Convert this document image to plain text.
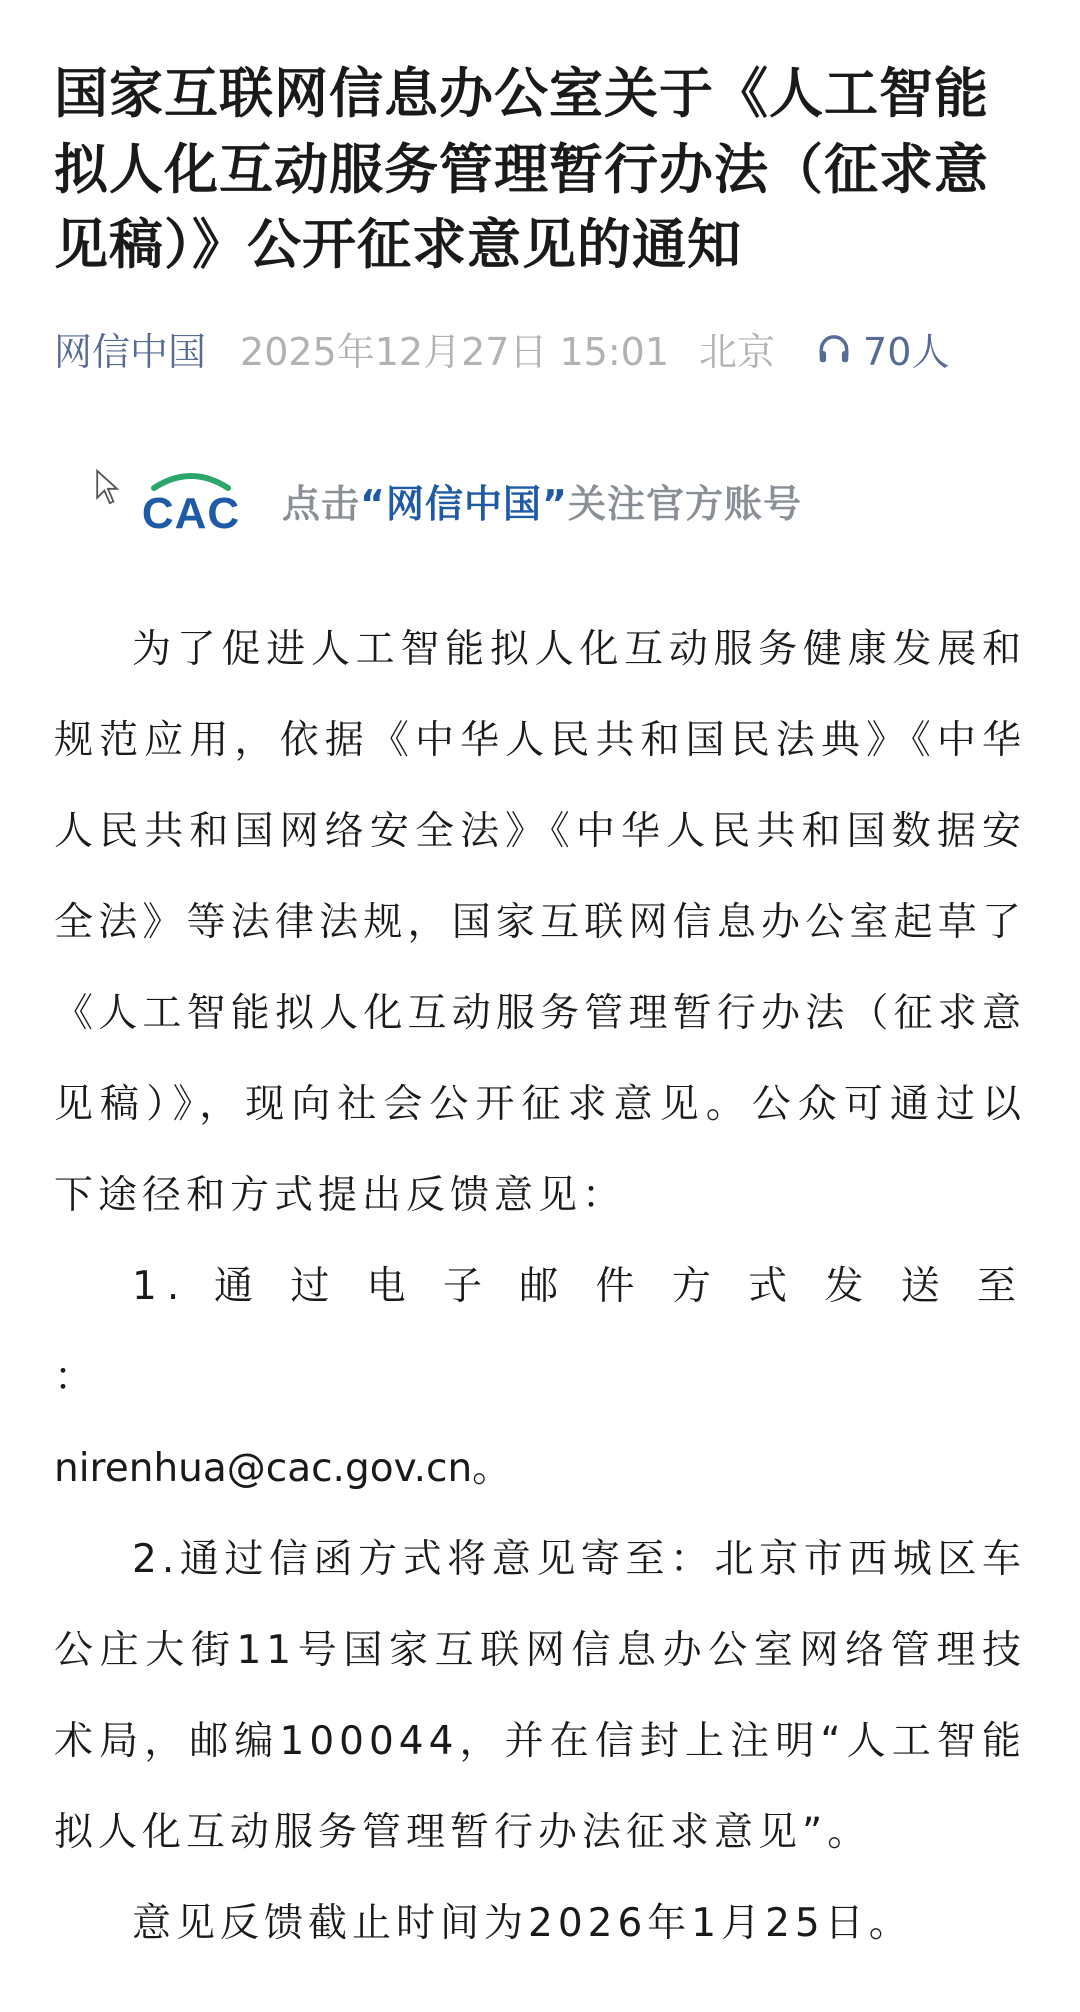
国家互联网信息办公室关于《人工智能拟人化互动服务管理暂行办法（征求意见稿）》公开征求意见的通知
网信中国 2025年12月27日 15:01 北京 70人
CAC 点击“网信中国”关注官方账号

为了促进人工智能拟人化互动服务健康发展和规范应用，依据《中华人民共和国民法典》《中华人民共和国网络安全法》《中华人民共和国数据安全法》等法律法规，国家互联网信息办公室起草了《人工智能拟人化互动服务管理暂行办法（征求意见稿）》，现向社会公开征求意见。公众可通过以下途径和方式提出反馈意见：

1. 通 过 电 子 邮 件 方 式 发 送 至 ：

nirenhua@cac.gov.cn。

2.通过信函方式将意见寄至：北京市西城区车公庄大街11号国家互联网信息办公室网络管理技术局，邮编100044，并在信封上注明“人工智能拟人化互动服务管理暂行办法征求意见”。

意见反馈截止时间为2026年1月25日。
